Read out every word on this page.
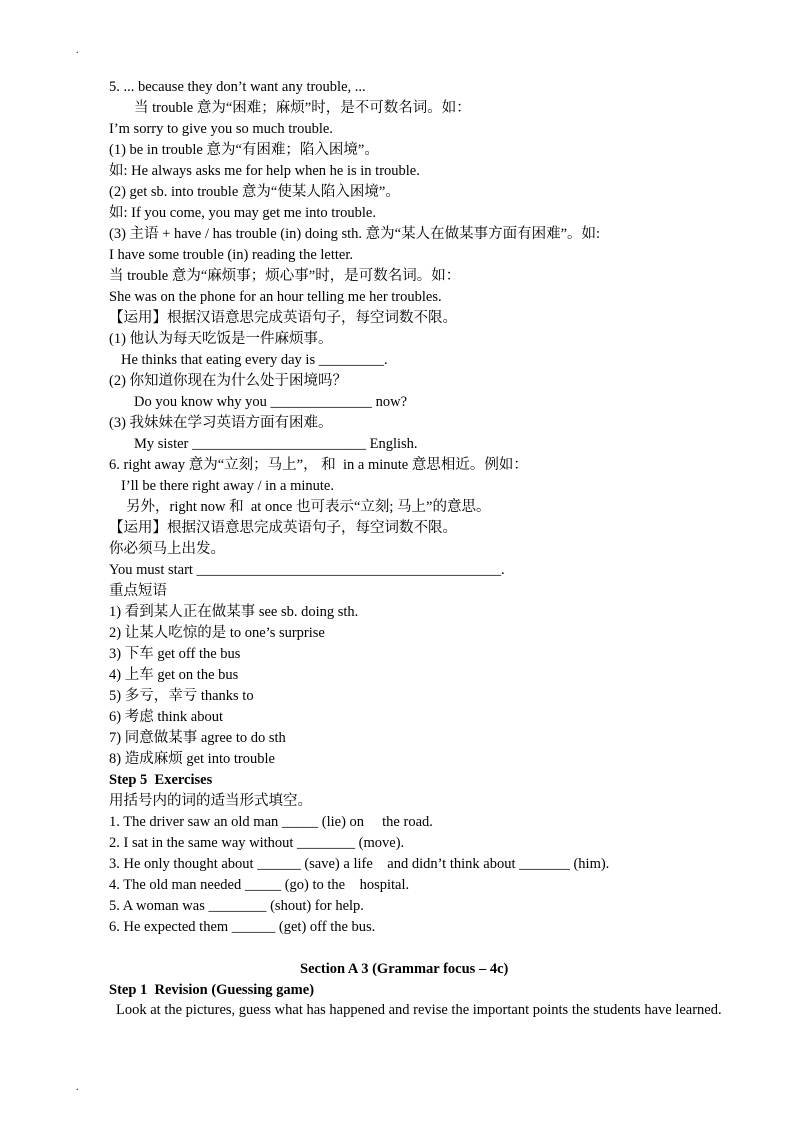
.
5. ... because they don’t want any trouble, ...
当 trouble 意为“困难；麻烦”时，是不可数名词。如：
I’m sorry to give you so much trouble.
(1) be in trouble 意为“有困难；陷入困境”。
如: He always asks me for help when he is in trouble.
(2) get sb. into trouble 意为“使某人陷入困境”。
如: If you come, you may get me into trouble.
(3) 主语 + have / has trouble (in) doing sth. 意为“某人在做某事方面有困难”。如:
I have some trouble (in) reading the letter.
当 trouble 意为“麻烦事；烦心事”时，是可数名词。如：
She was on the phone for an hour telling me her troubles.
【运用】根据汉语意思完成英语句子，每空词数不限。
(1) 他认为每天吃饭是一件麻烦事。
He thinks that eating every day is _________.
(2) 你知道你现在为什么处于困境吗？
Do you know why you ______________ now?
(3) 我妹妹在学习英语方面有困难。
My sister ________________________ English.
6. right away 意为“立刻；马上”， 和  in a minute 意思相近。例如：
I’ll be there right away / in a minute.
另外，right now 和  at once 也可表示“立刻; 马上”的意思。
【运用】根据汉语意思完成英语句子，每空词数不限。
你必须马上出发。
You must start __________________________________________.
重点短语
1) 看到某人正在做某事 see sb. doing sth.
2) 让某人吃惊的是 to one’s surprise
3) 下车 get off the bus
4) 上车 get on the bus
5) 多亏，幸亏 thanks to
6) 考虑 think about
7) 同意做某事 agree to do sth
8) 造成麻烦 get into trouble
Step 5  Exercises
用括号内的词的适当形式填空。
1. The driver saw an old man _____ (lie) on     the road.
2. I sat in the same way without ________ (move).
3. He only thought about ______ (save) a life    and didn’t think about _______ (him).
4. The old man needed _____ (go) to the    hospital.
5. A woman was ________ (shout) for help.
6. He expected them ______ (get) off the bus.
Section A 3 (Grammar focus – 4c)
Step 1  Revision (Guessing game)
Look at the pictures, guess what has happened and revise the important points the students have learned.
.
